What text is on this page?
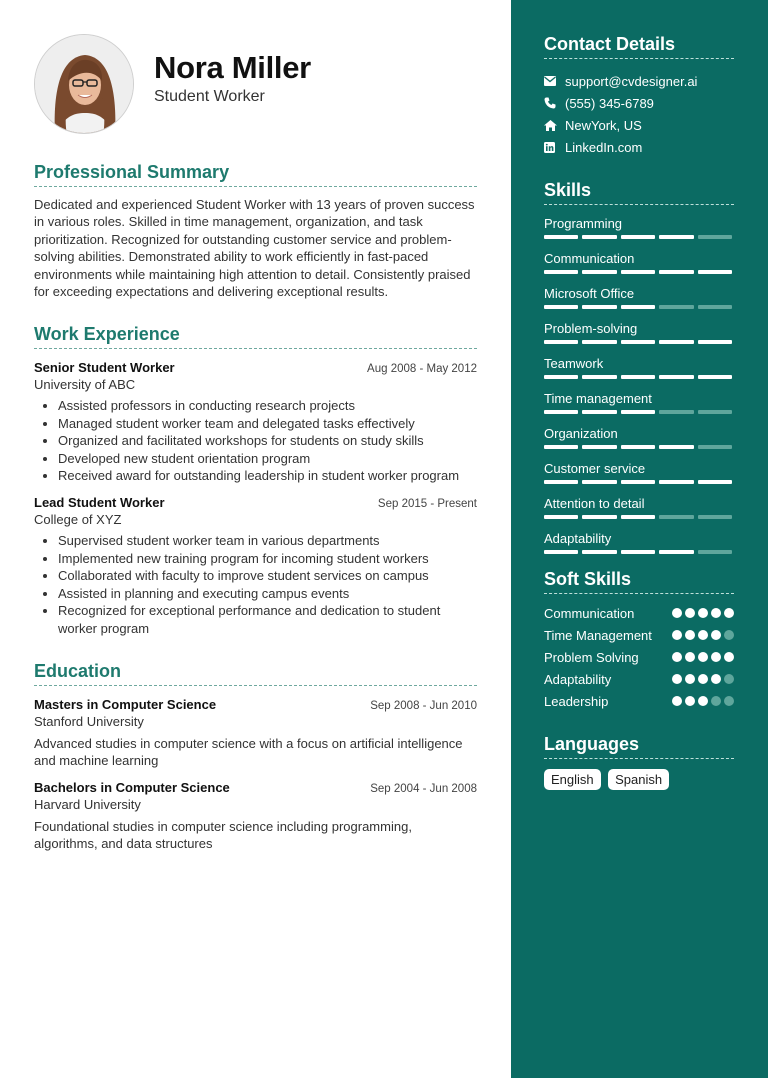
Nora Miller
Student Worker
Professional Summary

Dedicated and experienced Student Worker with 13 years of proven success in various roles. Skilled in time management, organization, and task prioritization. Recognized for outstanding customer service and problem-solving abilities. Demonstrated ability to work efficiently in fast-paced environments while maintaining high attention to detail. Consistently praised for exceeding expectations and delivering exceptional results.

Work Experience
Senior Student Worker	Aug 2008 - May 2012
University of ABC
• Assisted professors in conducting research projects
• Managed student worker team and delegated tasks effectively
• Organized and facilitated workshops for students on study skills
• Developed new student orientation program
• Received award for outstanding leadership in student worker program
Lead Student Worker	Sep 2015 - Present
College of XYZ
• Supervised student worker team in various departments
• Implemented new training program for incoming student workers
• Collaborated with faculty to improve student services on campus
• Assisted in planning and executing campus events
• Recognized for exceptional performance and dedication to student worker program
Education
Masters in Computer Science	Sep 2008 - Jun 2010
Stanford University

Advanced studies in computer science with a focus on artificial intelligence and machine learning

Bachelors in Computer Science	Sep 2004 - Jun 2008
Harvard University

Foundational studies in computer science including programming, algorithms, and data structures

Contact Details
support@cvdesigner.ai
(555) 345-6789
NewYork, US
LinkedIn.com
Skills
Programming
Communication
Microsoft Office
Problem-solving
Teamwork
Time management
Organization
Customer service
Attention to detail
Adaptability
Soft Skills
Communication
Time Management
Problem Solving
Adaptability
Leadership
Languages
English Spanish
